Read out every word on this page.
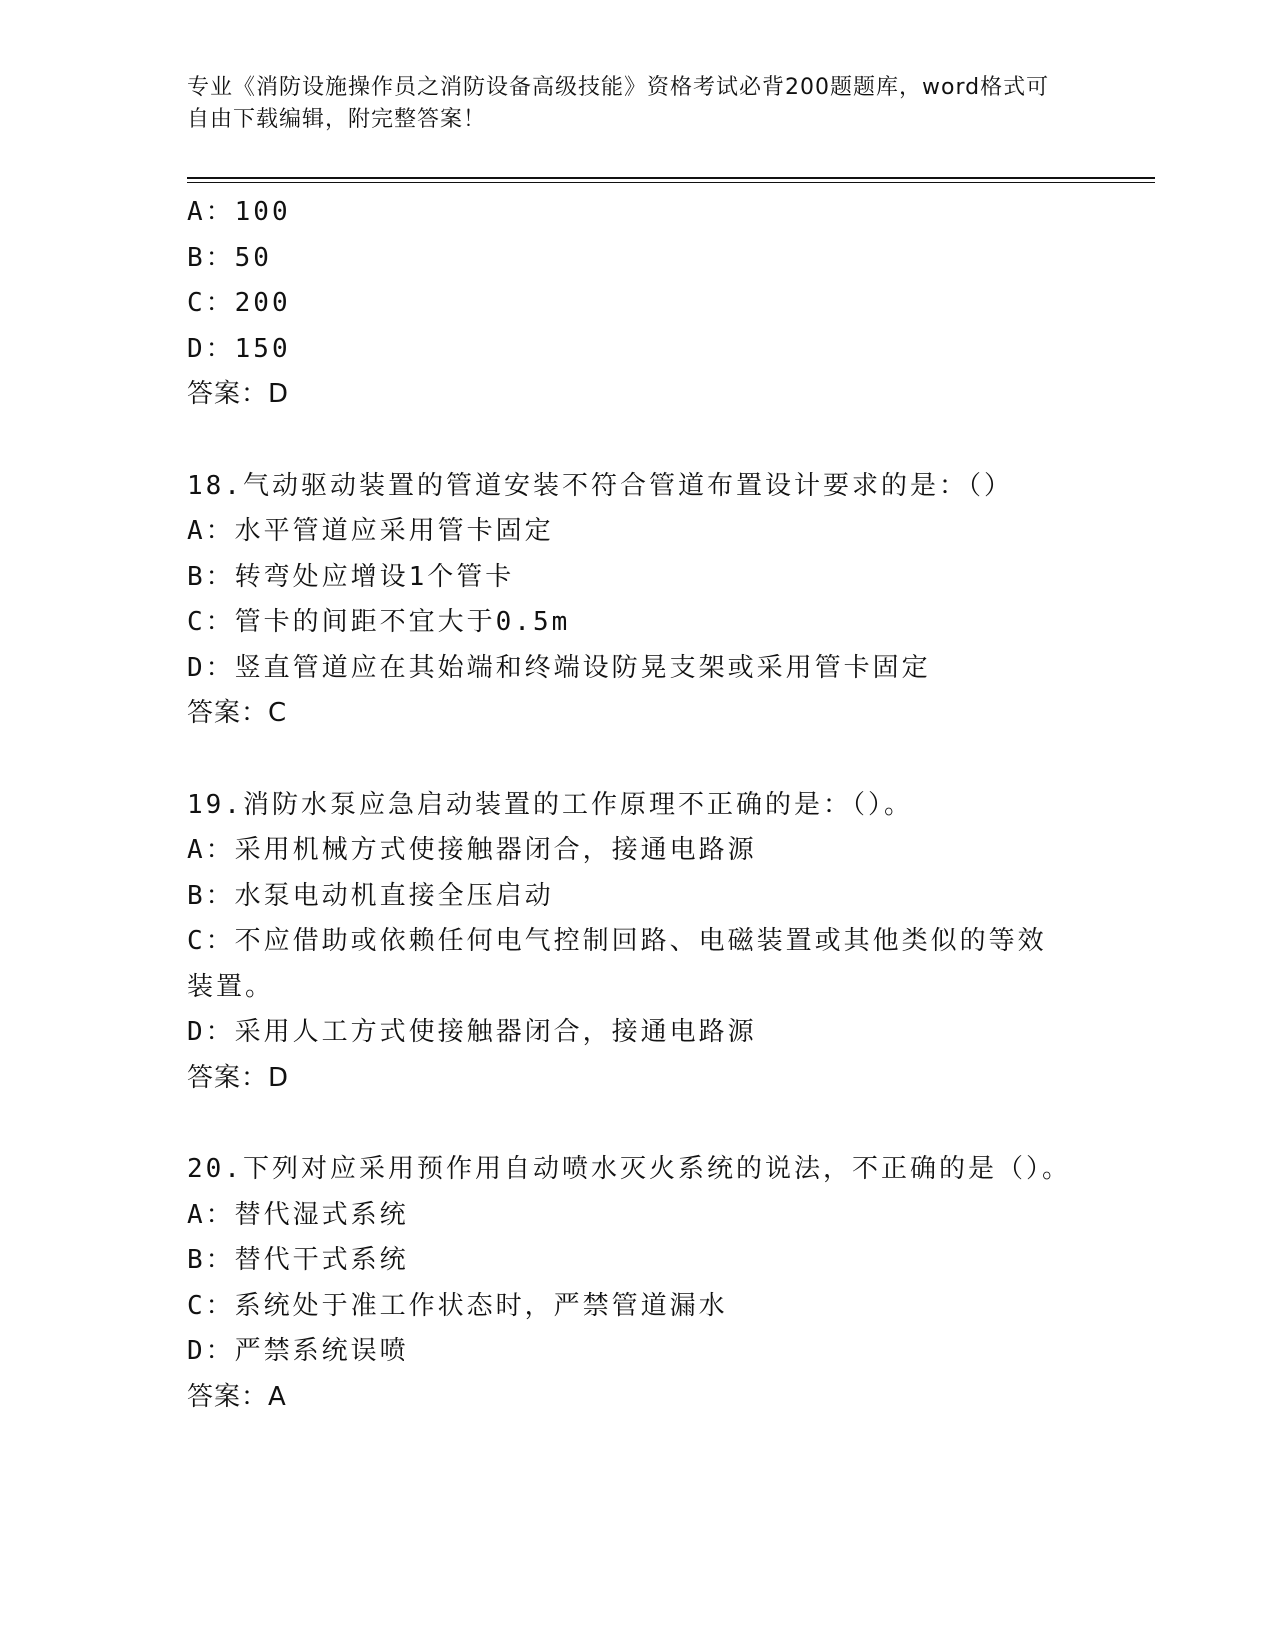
专业《消防设施操作员之消防设备高级技能》资格考试必背200题题库，word格式可自由下载编辑，附完整答案！
A：100
B：50
C：200
D：150
答案：D
18.气动驱动装置的管道安装不符合管道布置设计要求的是：（）
A：水平管道应采用管卡固定
B：转弯处应增设1个管卡
C：管卡的间距不宜大于0.5m
D：竖直管道应在其始端和终端设防晃支架或采用管卡固定
答案：C
19.消防水泵应急启动装置的工作原理不正确的是：（）。
A：采用机械方式使接触器闭合，接通电路源
B：水泵电动机直接全压启动
C：不应借助或依赖任何电气控制回路、电磁装置或其他类似的等效装置。
D：采用人工方式使接触器闭合，接通电路源
答案：D
20.下列对应采用预作用自动喷水灭火系统的说法，不正确的是（）。
A：替代湿式系统
B：替代干式系统
C：系统处于准工作状态时，严禁管道漏水
D：严禁系统误喷
答案：A
